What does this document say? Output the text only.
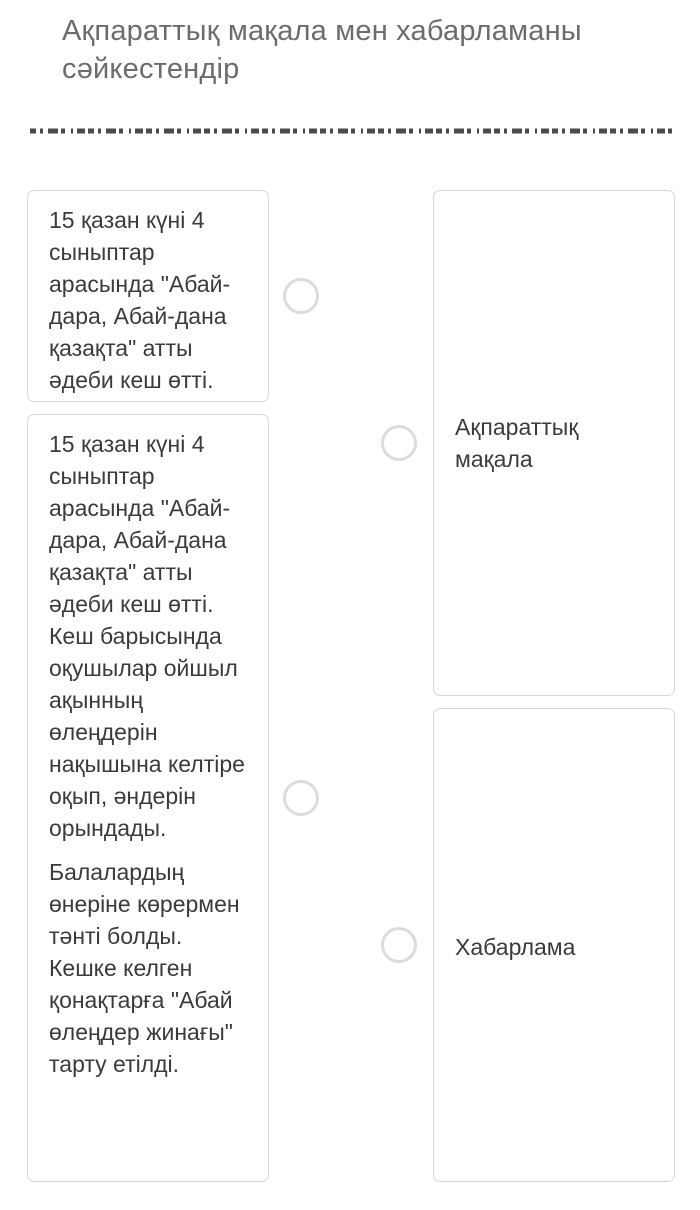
Ақпараттық мақала мен хабарламаны сәйкестендір

15 қазан күні 4 сыныптар арасында "Абай-дара, Абай-дана қазақта" атты әдеби кеш өтті.

15 қазан күні 4 сыныптар арасында "Абай-дара, Абай-дана қазақта" атты әдеби кеш өтті. Кеш барысында оқушылар ойшыл ақынның өлеңдерін нақышына келтіре оқып, әндерін орындады.

Балалардың өнеріне көрермен тәнті болды. Кешке келген қонақтарға "Абай өлеңдер жинағы" тарту етілді.

Ақпараттық мақала
Хабарлама
